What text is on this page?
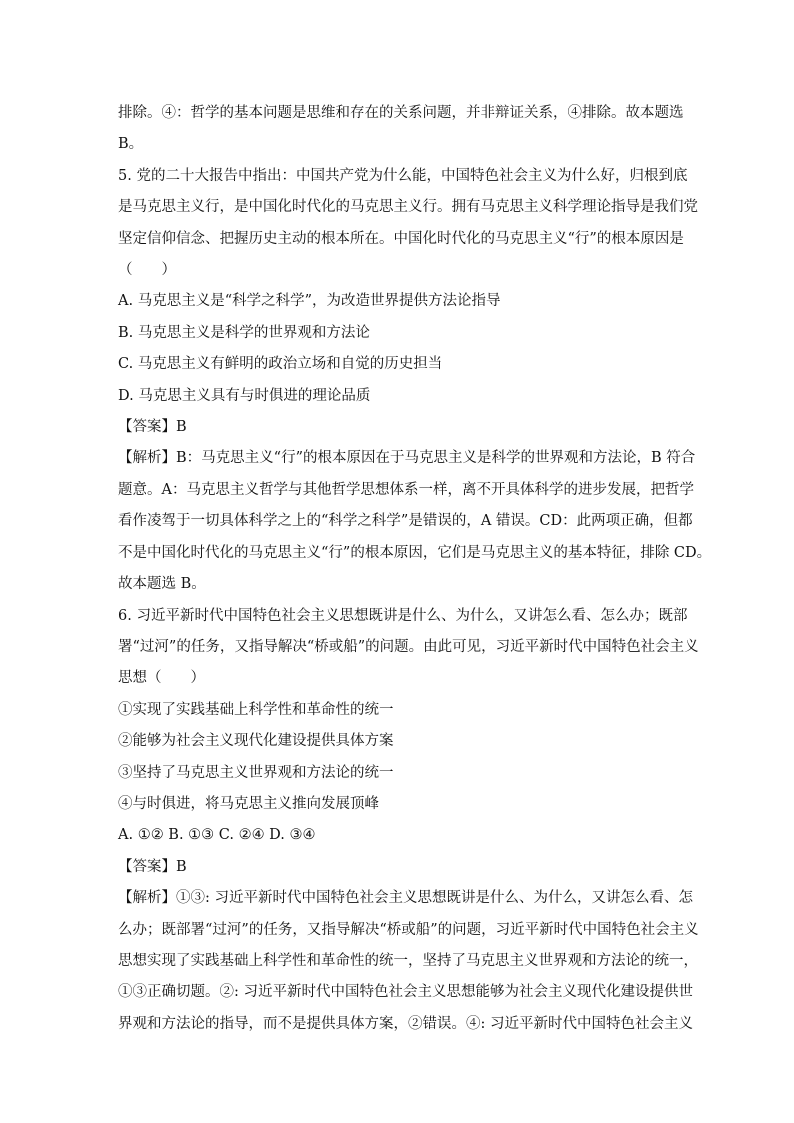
排除。④：哲学的基本问题是思维和存在的关系问题，并非辩证关系，④排除。故本题选
B。
5. 党的二十大报告中指出：中国共产党为什么能，中国特色社会主义为什么好，归根到底
是马克思主义行，是中国化时代化的马克思主义行。拥有马克思主义科学理论指导是我们党
坚定信仰信念、把握历史主动的根本所在。中国化时代化的马克思主义“行”的根本原因是
（　　）
A. 马克思主义是“科学之科学”，为改造世界提供方法论指导
B. 马克思主义是科学的世界观和方法论
C. 马克思主义有鲜明的政治立场和自觉的历史担当
D. 马克思主义具有与时俱进的理论品质
【答案】B
【解析】B：马克思主义“行”的根本原因在于马克思主义是科学的世界观和方法论，B 符合
题意。A：马克思主义哲学与其他哲学思想体系一样，离不开具体科学的进步发展，把哲学
看作凌驾于一切具体科学之上的“科学之科学”是错误的，A 错误。CD：此两项正确，但都
不是中国化时代化的马克思主义“行”的根本原因，它们是马克思主义的基本特征，排除 CD。
故本题选 B。
6. 习近平新时代中国特色社会主义思想既讲是什么、为什么，又讲怎么看、怎么办；既部
署“过河”的任务，又指导解决“桥或船”的问题。由此可见，习近平新时代中国特色社会主义
思想（　　）
①实现了实践基础上科学性和革命性的统一
②能够为社会主义现代化建设提供具体方案
③坚持了马克思主义世界观和方法论的统一
④与时俱进，将马克思主义推向发展顶峰
A. ①② B. ①③ C. ②④ D. ③④
【答案】B
【解析】①③: 习近平新时代中国特色社会主义思想既讲是什么、为什么，又讲怎么看、怎
么办；既部署“过河”的任务，又指导解决“桥或船”的问题，习近平新时代中国特色社会主义
思想实现了实践基础上科学性和革命性的统一，坚持了马克思主义世界观和方法论的统一，
①③正确切题。②: 习近平新时代中国特色社会主义思想能够为社会主义现代化建设提供世
界观和方法论的指导，而不是提供具体方案，②错误。④: 习近平新时代中国特色社会主义
